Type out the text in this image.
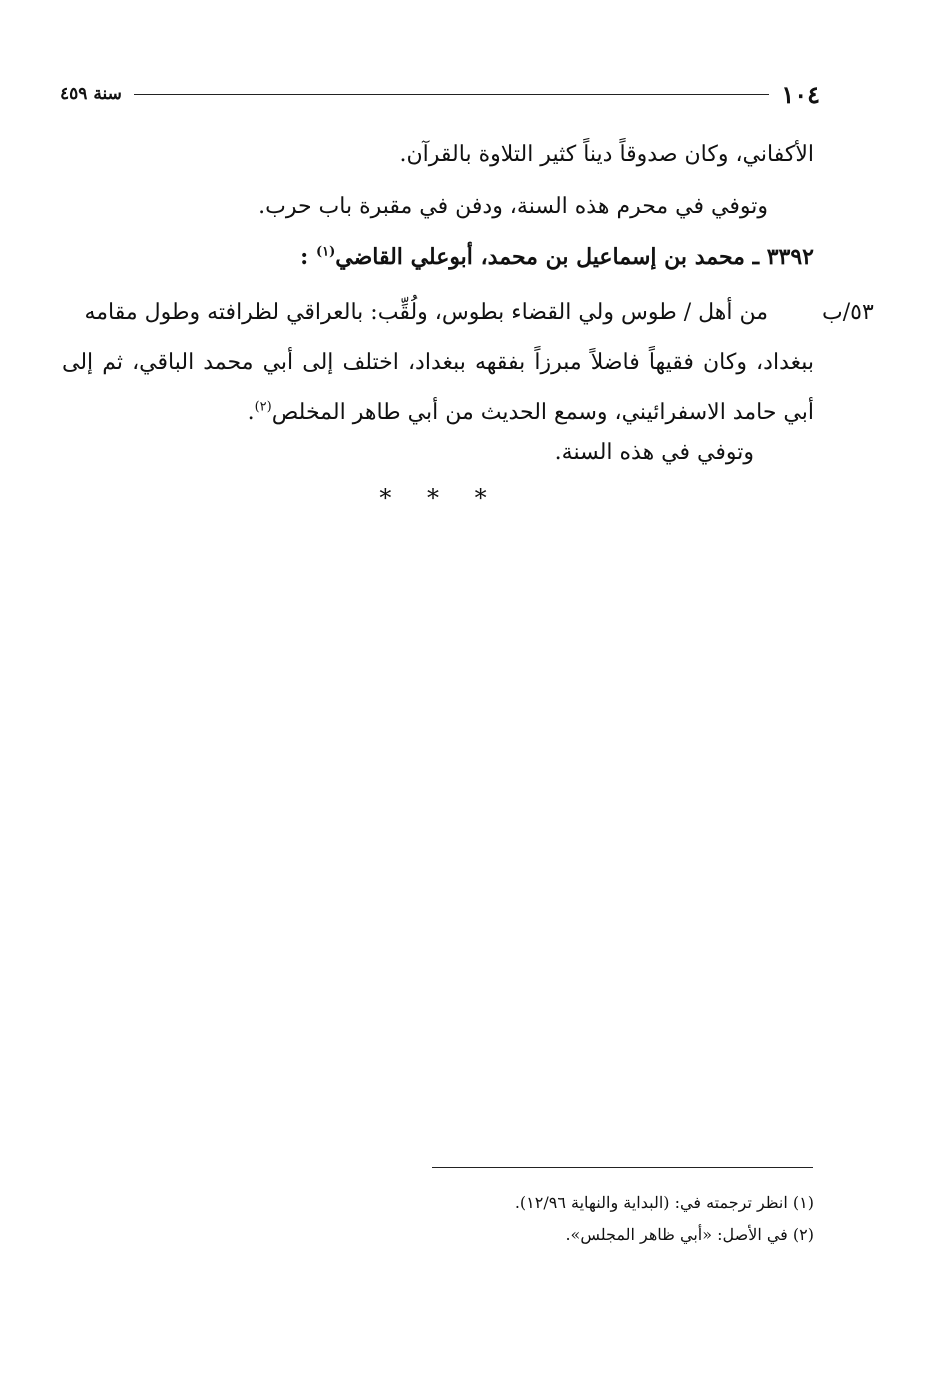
١٠٤
سنة ٤٥٩
الأكفاني، وكان صدوقاً ديناً كثير التلاوة بالقرآن.
وتوفي في محرم هذه السنة، ودفن في مقبرة باب حرب.
٣٣٩٢ ـ محمد بن إسماعيل بن محمد، أبوعلي القاضي$^{(١)}$ :
٥٣/ب
من أهل / طوس ولي القضاء بطوس، ولُقِّب: بالعراقي لظرافته وطول مقامه
ببغداد، وكان فقيهاً فاضلاً مبرزاً بفقهه ببغداد، اختلف إلى أبي محمد الباقي، ثم إلى
أبي حامد الاسفرائيني، وسمع الحديث من أبي طاهر المخلص$^{(٢)}$.
وتوفي في هذه السنة.
* * *
(١) انظر ترجمته في: (البداية والنهاية ١٢/٩٦).
(٢) في الأصل: «أبي ظاهر المجلس».
